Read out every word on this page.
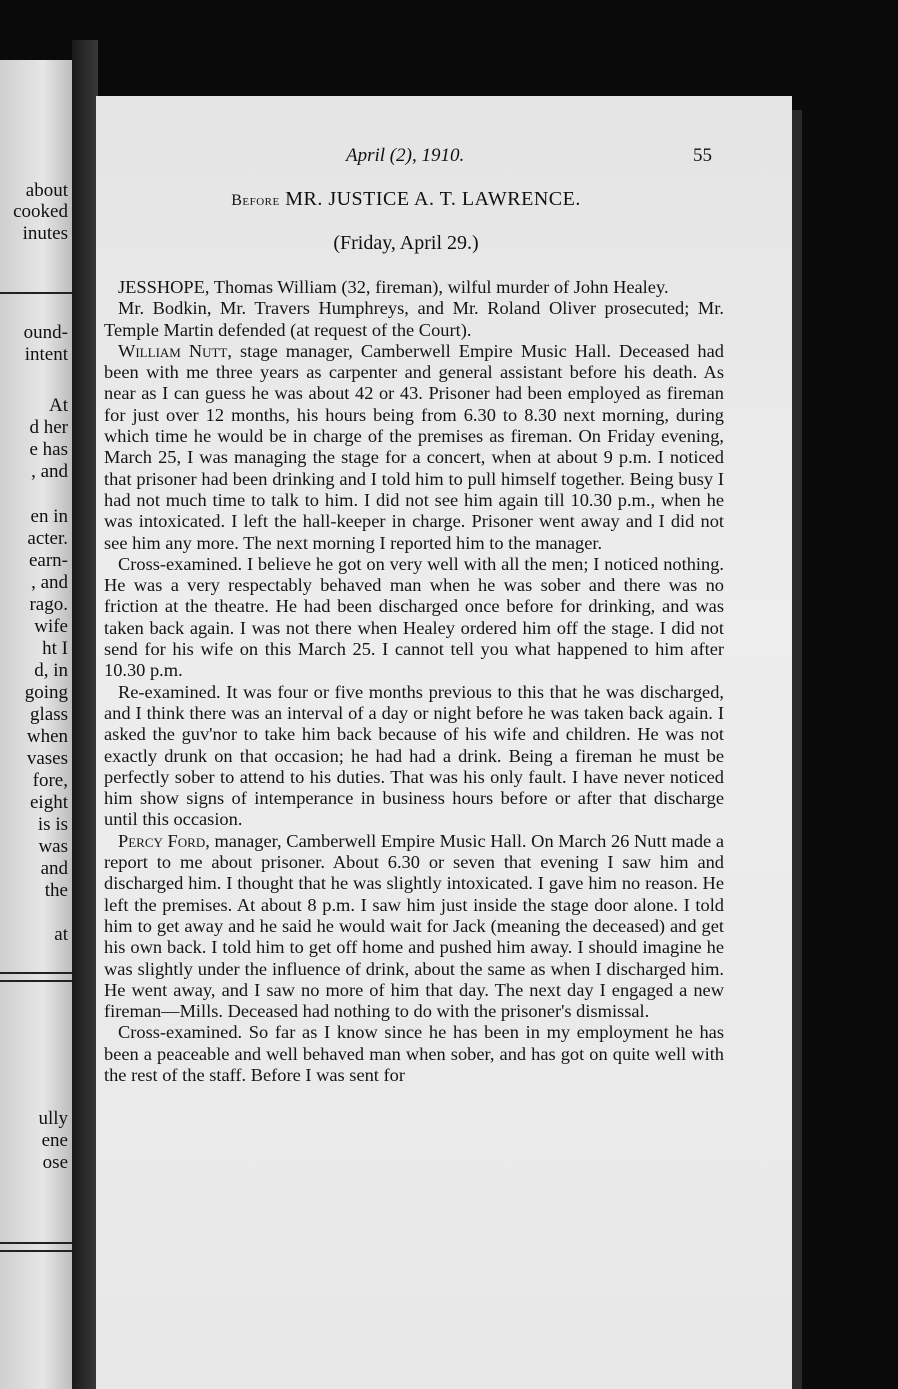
about
cooked
inutes
ound-
intent
At
d her
e has
, and
en in
acter.
earn-
, and
rago.
wife
ht I
d, in
going
glass
when
vases
fore,
eight
is is
was
and
the
at
ully
ene
ose
April (2), 1910.	55
Before MR. JUSTICE A. T. LAWRENCE.
(Friday, April 29.)

JESSHOPE, Thomas William (32, fireman), wilful murder of John Healey.

Mr. Bodkin, Mr. Travers Humphreys, and Mr. Roland Oliver prosecuted; Mr. Temple Martin defended (at request of the Court).

William Nutt, stage manager, Camberwell Empire Music Hall. Deceased had been with me three years as carpenter and general assistant before his death. As near as I can guess he was about 42 or 43. Prisoner had been employed as fireman for just over 12 months, his hours being from 6.30 to 8.30 next morning, during which time he would be in charge of the premises as fireman. On Friday evening, March 25, I was managing the stage for a concert, when at about 9 p.m. I noticed that prisoner had been drinking and I told him to pull himself together. Being busy I had not much time to talk to him. I did not see him again till 10.30 p.m., when he was intoxicated. I left the hall-keeper in charge. Prisoner went away and I did not see him any more. The next morning I reported him to the manager.

Cross-examined. I believe he got on very well with all the men; I noticed nothing. He was a very respectably behaved man when he was sober and there was no friction at the theatre. He had been discharged once before for drinking, and was taken back again. I was not there when Healey ordered him off the stage. I did not send for his wife on this March 25. I cannot tell you what happened to him after 10.30 p.m.

Re-examined. It was four or five months previous to this that he was discharged, and I think there was an interval of a day or night before he was taken back again. I asked the guv'nor to take him back because of his wife and children. He was not exactly drunk on that occasion; he had had a drink. Being a fireman he must be perfectly sober to attend to his duties. That was his only fault. I have never noticed him show signs of intemperance in business hours before or after that discharge until this occasion.

Percy Ford, manager, Camberwell Empire Music Hall. On March 26 Nutt made a report to me about prisoner. About 6.30 or seven that evening I saw him and discharged him. I thought that he was slightly intoxicated. I gave him no reason. He left the premises. At about 8 p.m. I saw him just inside the stage door alone. I told him to get away and he said he would wait for Jack (meaning the deceased) and get his own back. I told him to get off home and pushed him away. I should imagine he was slightly under the influence of drink, about the same as when I discharged him. He went away, and I saw no more of him that day. The next day I engaged a new fireman—Mills. Deceased had nothing to do with the prisoner's dismissal.

Cross-examined. So far as I know since he has been in my employment he has been a peaceable and well behaved man when sober, and has got on quite well with the rest of the staff. Before I was sent for
